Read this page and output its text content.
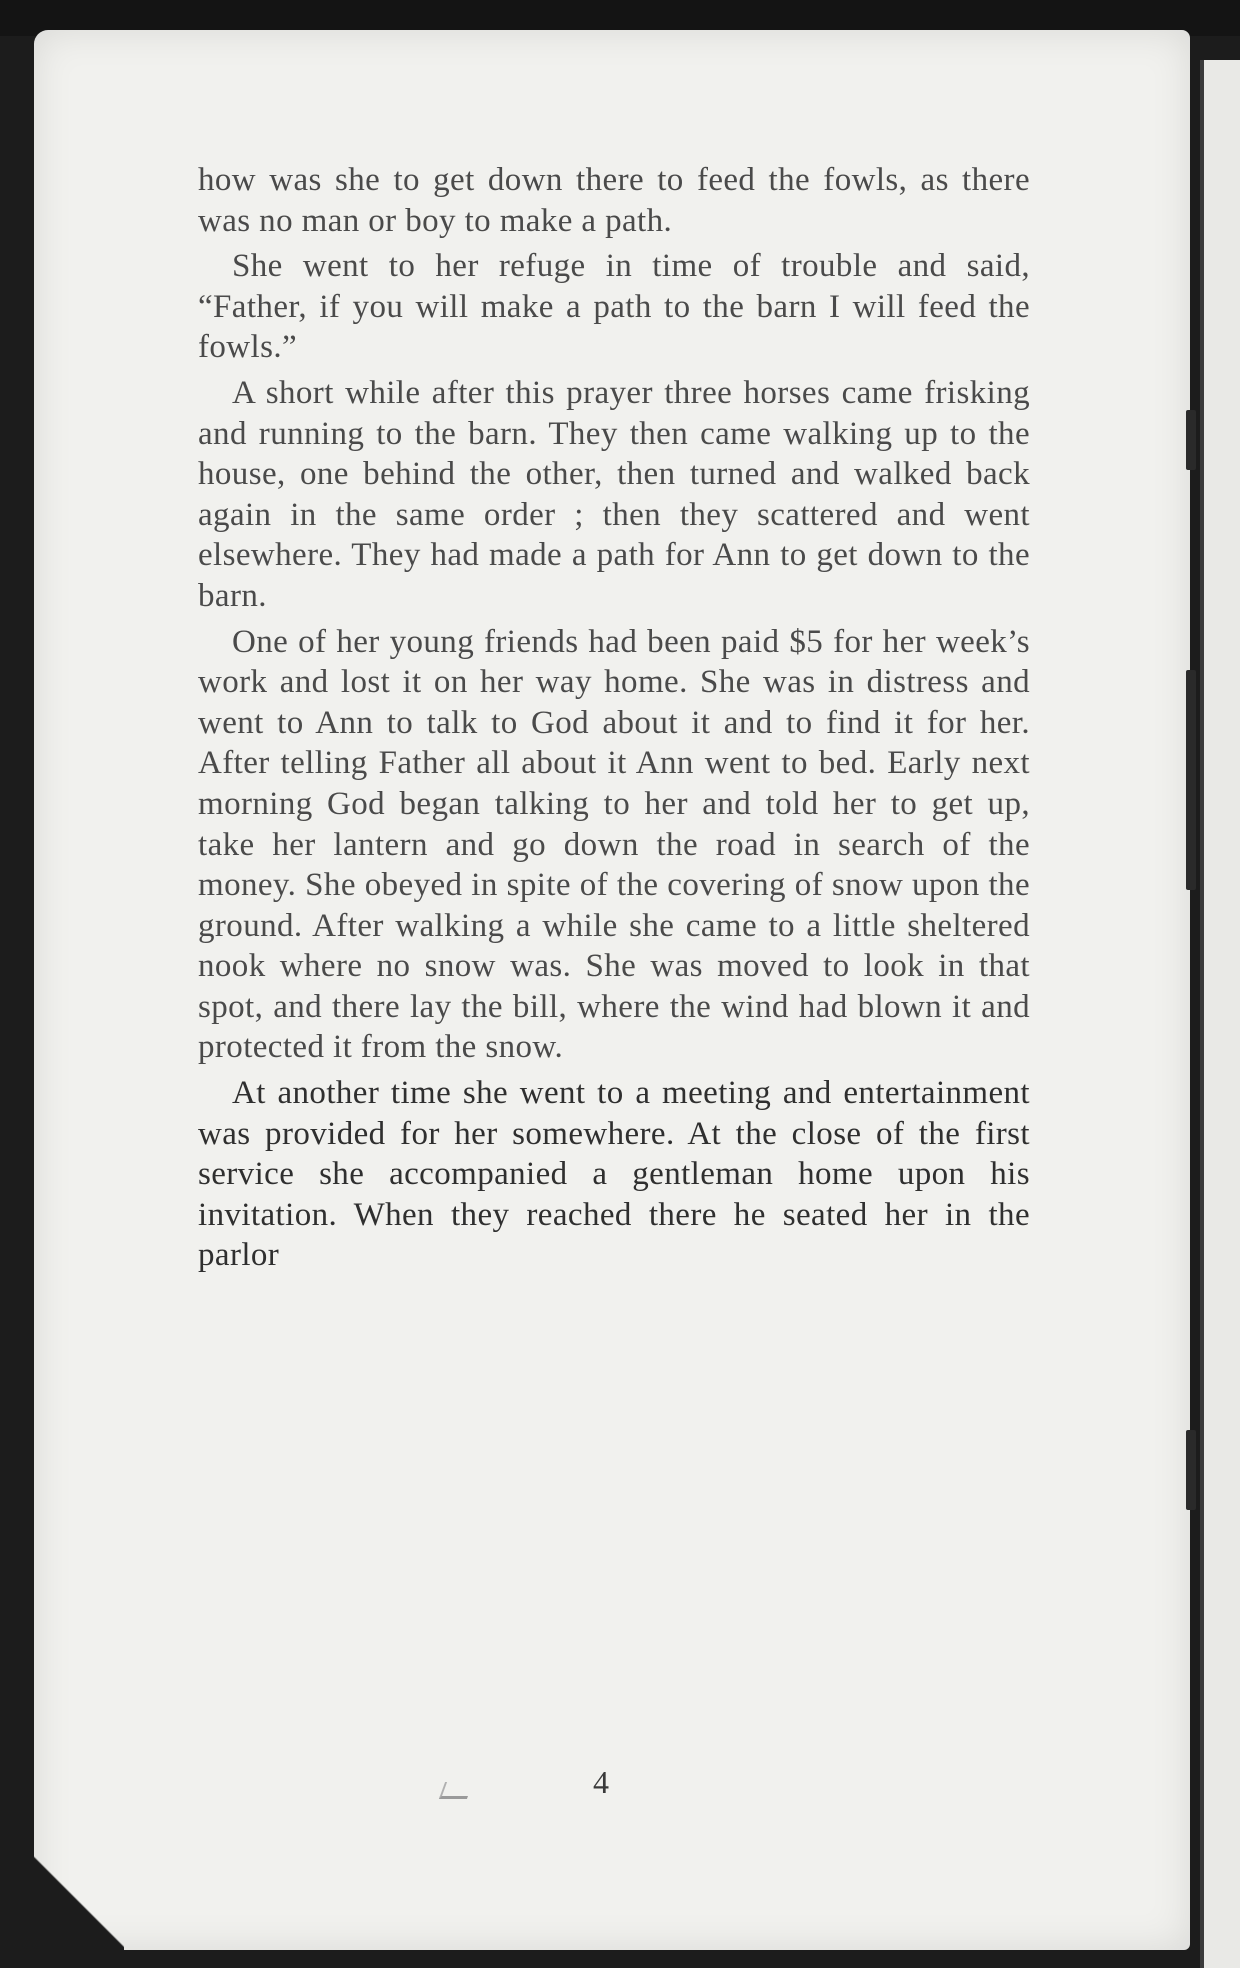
how was she to get down there to feed the fowls, as there was no man or boy to make a path.

She went to her refuge in time of trouble and said, “Father, if you will make a path to the barn I will feed the fowls.”

A short while after this prayer three horses came frisking and running to the barn. They then came walking up to the house, one behind the other, then turned and walked back again in the same order ; then they scattered and went elsewhere. They had made a path for Ann to get down to the barn.

One of her young friends had been paid $5 for her week’s work and lost it on her way home. She was in distress and went to Ann to talk to God about it and to find it for her. After telling Father all about it Ann went to bed. Early next morning God began talking to her and told her to get up, take her lantern and go down the road in search of the money. She obeyed in spite of the covering of snow upon the ground. After walking a while she came to a little sheltered nook where no snow was. She was moved to look in that spot, and there lay the bill, where the wind had blown it and protected it from the snow.

At another time she went to a meeting and entertainment was provided for her somewhere. At the close of the first service she accompanied a gentleman home upon his invitation. When they reached there he seated her in the parlor

4
